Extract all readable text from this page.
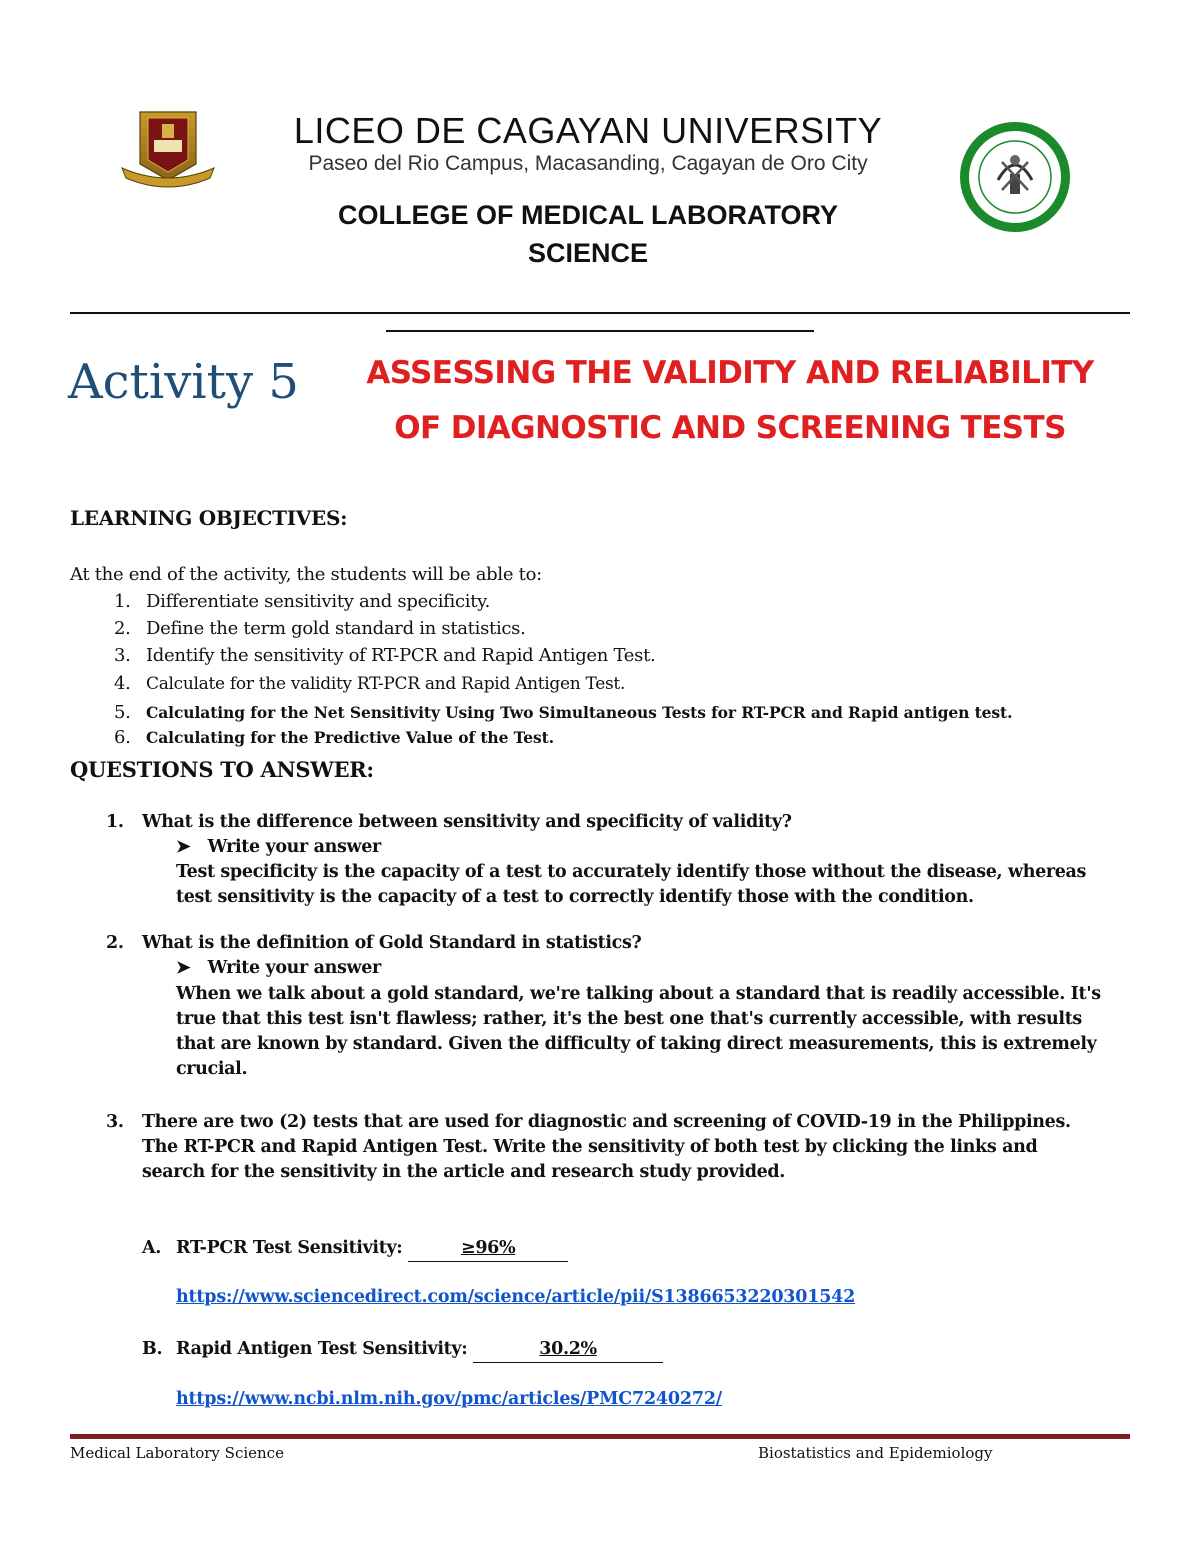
LICEO DE CAGAYAN UNIVERSITY
Paseo del Rio Campus, Macasanding, Cagayan de Oro City
COLLEGE OF MEDICAL LABORATORY
SCIENCE
Activity 5	ASSESSING THE VALIDITY AND RELIABILITY
OF DIAGNOSTIC AND SCREENING TESTS
LEARNING OBJECTIVES:
At the end of the activity, the students will be able to:
1. Differentiate sensitivity and specificity.
2. Define the term gold standard in statistics.
3. Identify the sensitivity of RT-PCR and Rapid Antigen Test.
4. Calculate for the validity RT-PCR and Rapid Antigen Test.
5. Calculating for the Net Sensitivity Using Two Simultaneous Tests for RT-PCR and Rapid antigen test.
6. Calculating for the Predictive Value of the Test.
QUESTIONS TO ANSWER:
1. What is the difference between sensitivity and specificity of validity?
➤ Write your answer
Test specificity is the capacity of a test to accurately identify those without the disease, whereas
test sensitivity is the capacity of a test to correctly identify those with the condition.
2. What is the definition of Gold Standard in statistics?
➤ Write your answer
When we talk about a gold standard, we're talking about a standard that is readily accessible. It's
true that this test isn't flawless; rather, it's the best one that's currently accessible, with results
that are known by standard. Given the difficulty of taking direct measurements, this is extremely
crucial.
3. There are two (2) tests that are used for diagnostic and screening of COVID-19 in the Philippines.
The RT-PCR and Rapid Antigen Test. Write the sensitivity of both test by clicking the links and
search for the sensitivity in the article and research study provided.
A. RT-PCR Test Sensitivity:	≥96%
https://www.sciencedirect.com/science/article/pii/S1386653220301542
B. Rapid Antigen Test Sensitivity:	30.2%
https://www.ncbi.nlm.nih.gov/pmc/articles/PMC7240272/
Medical Laboratory Science	Biostatistics and Epidemiology
